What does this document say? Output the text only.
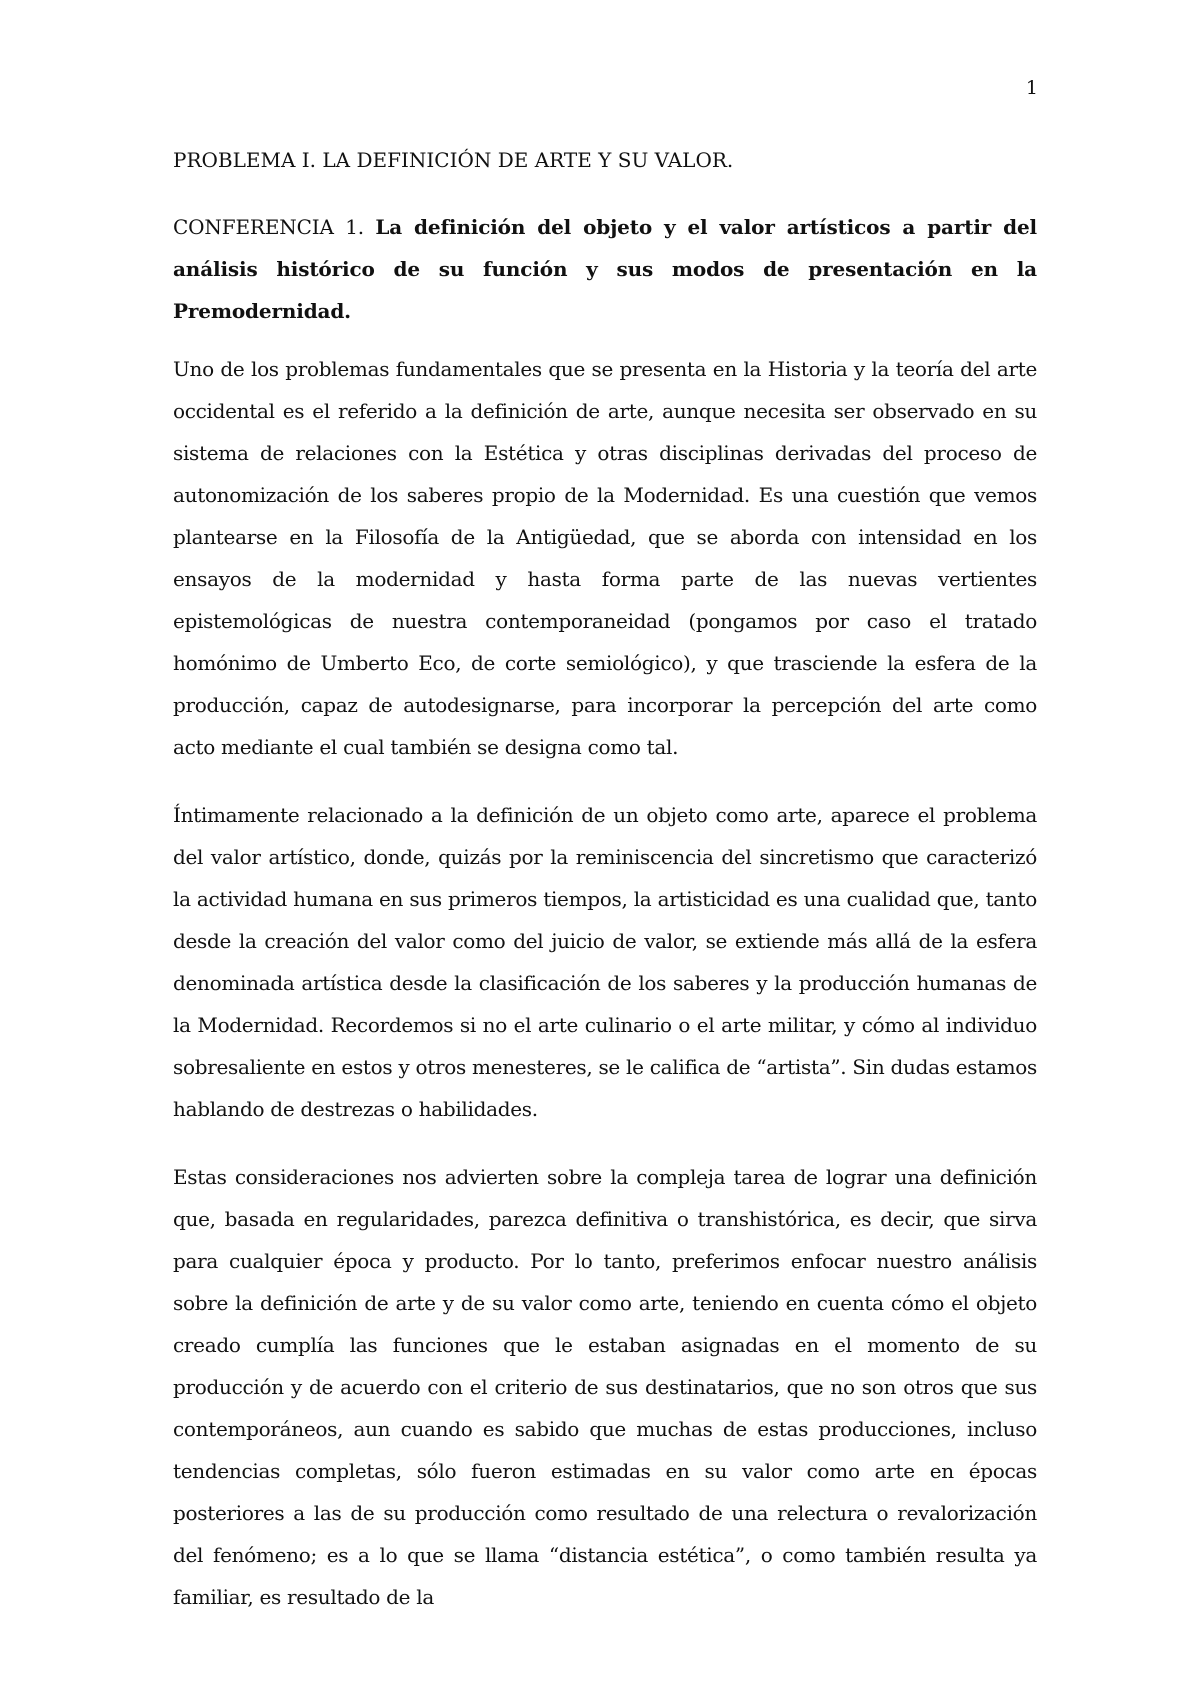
1
PROBLEMA I. LA DEFINICIÓN DE ARTE Y SU VALOR.

CONFERENCIA 1. La definición del objeto y el valor artísticos a partir del análisis histórico de su función y sus modos de presentación en la Premodernidad.

Uno de los problemas fundamentales que se presenta en la Historia y la teoría del arte occidental es el referido a la definición de arte, aunque necesita ser observado en su sistema de relaciones con la Estética y otras disciplinas derivadas del proceso de autonomización de los saberes propio de la Modernidad. Es una cuestión que vemos plantearse en la Filosofía de la Antigüedad, que se aborda con intensidad en los ensayos de la modernidad y hasta forma parte de las nuevas vertientes epistemológicas de nuestra contemporaneidad (pongamos por caso el tratado homónimo de Umberto Eco, de corte semiológico), y que trasciende la esfera de la producción, capaz de autodesignarse, para incorporar la percepción del arte como acto mediante el cual también se designa como tal.

Íntimamente relacionado a la definición de un objeto como arte, aparece el problema del valor artístico, donde, quizás por la reminiscencia del sincretismo que caracterizó la actividad humana en sus primeros tiempos, la artisticidad es una cualidad que, tanto desde la creación del valor como del juicio de valor, se extiende más allá de la esfera denominada artística desde la clasificación de los saberes y la producción humanas de la Modernidad. Recordemos si no el arte culinario o el arte militar, y cómo al individuo sobresaliente en estos y otros menesteres, se le califica de “artista”. Sin dudas estamos hablando de destrezas o habilidades.

Estas consideraciones nos advierten sobre la compleja tarea de lograr una definición que, basada en regularidades, parezca definitiva o transhistórica, es decir, que sirva para cualquier época y producto. Por lo tanto, preferimos enfocar nuestro análisis sobre la definición de arte y de su valor como arte, teniendo en cuenta cómo el objeto creado cumplía las funciones que le estaban asignadas en el momento de su producción y de acuerdo con el criterio de sus destinatarios, que no son otros que sus contemporáneos, aun cuando es sabido que muchas de estas producciones, incluso tendencias completas, sólo fueron estimadas en su valor como arte en épocas posteriores a las de su producción como resultado de una relectura o revalorización del fenómeno; es a lo que se llama “distancia estética”, o como también resulta ya familiar, es resultado de la
